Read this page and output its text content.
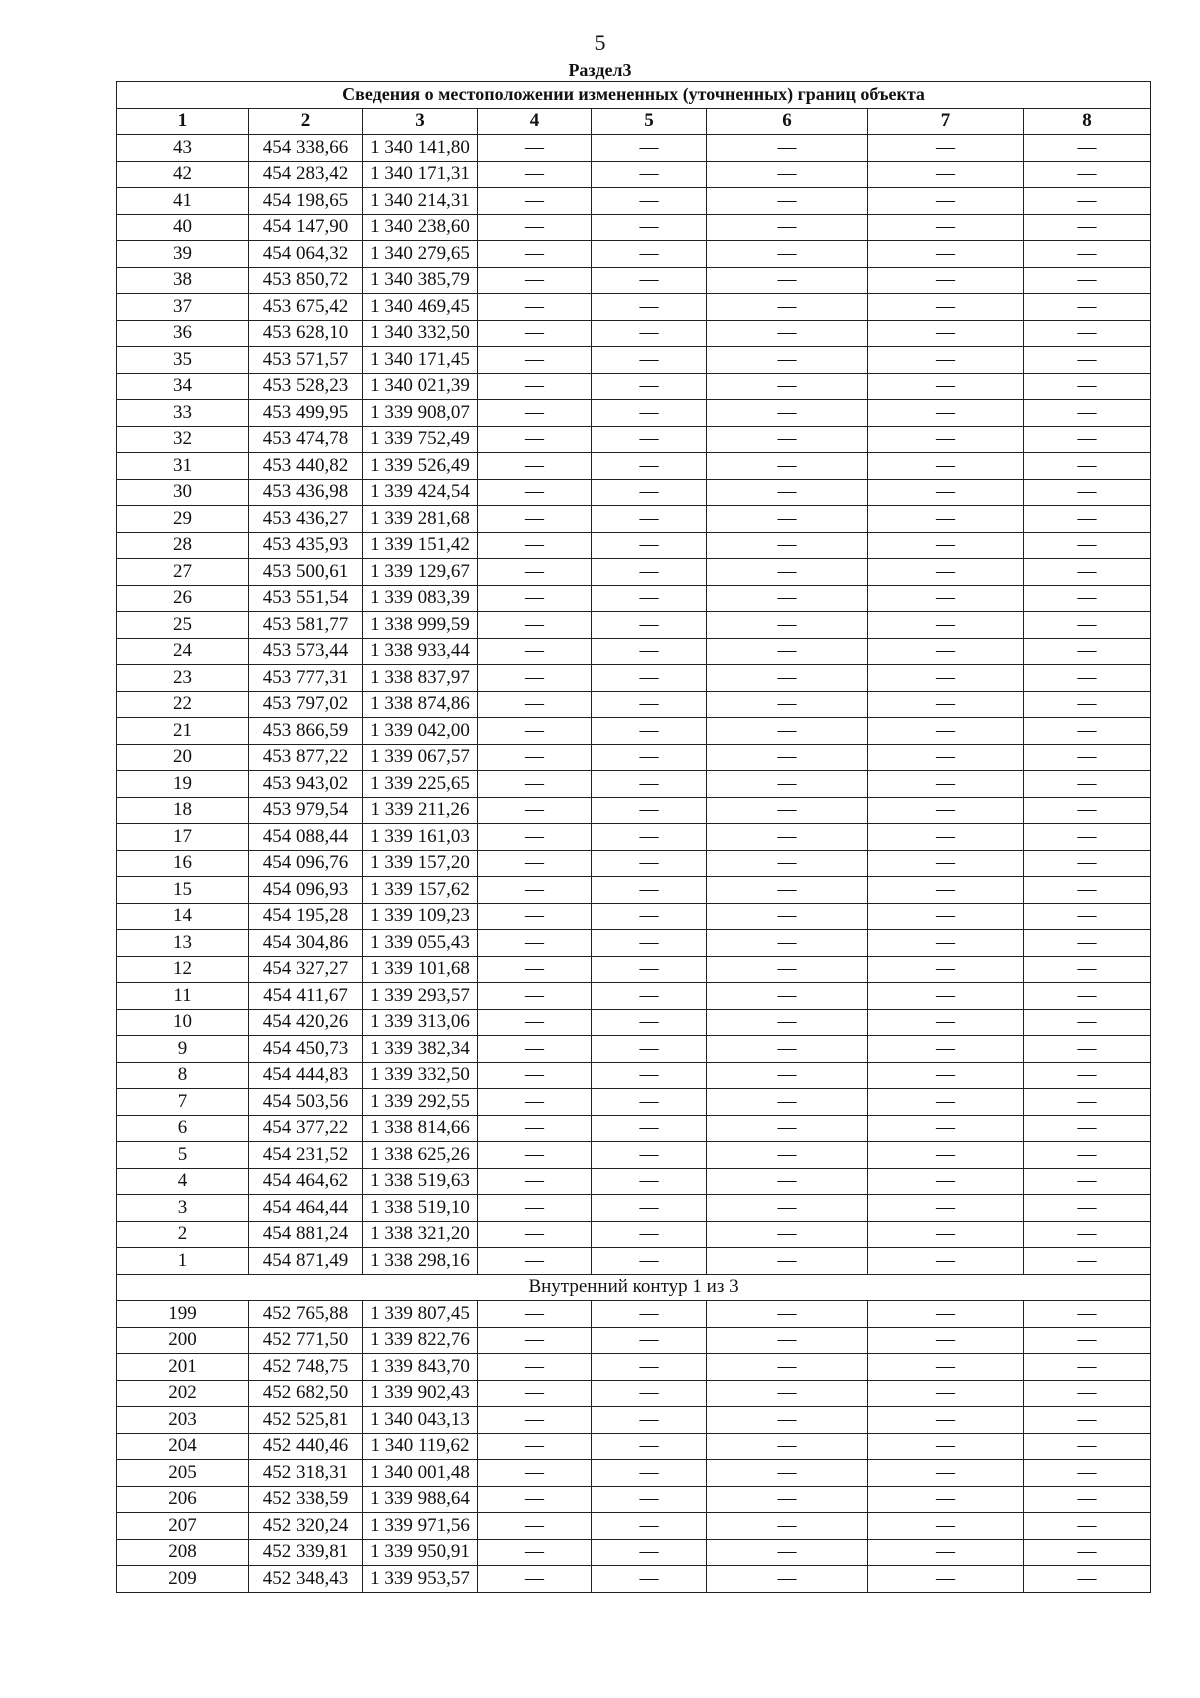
5
Раздел3
Сведения о местоположении измененных (уточненных) границ объекта							
1	2	3	4	5	6	7	8
43	454 338,66	1 340 141,80	—	—	—	—	—
42	454 283,42	1 340 171,31	—	—	—	—	—
41	454 198,65	1 340 214,31	—	—	—	—	—
40	454 147,90	1 340 238,60	—	—	—	—	—
39	454 064,32	1 340 279,65	—	—	—	—	—
38	453 850,72	1 340 385,79	—	—	—	—	—
37	453 675,42	1 340 469,45	—	—	—	—	—
36	453 628,10	1 340 332,50	—	—	—	—	—
35	453 571,57	1 340 171,45	—	—	—	—	—
34	453 528,23	1 340 021,39	—	—	—	—	—
33	453 499,95	1 339 908,07	—	—	—	—	—
32	453 474,78	1 339 752,49	—	—	—	—	—
31	453 440,82	1 339 526,49	—	—	—	—	—
30	453 436,98	1 339 424,54	—	—	—	—	—
29	453 436,27	1 339 281,68	—	—	—	—	—
28	453 435,93	1 339 151,42	—	—	—	—	—
27	453 500,61	1 339 129,67	—	—	—	—	—
26	453 551,54	1 339 083,39	—	—	—	—	—
25	453 581,77	1 338 999,59	—	—	—	—	—
24	453 573,44	1 338 933,44	—	—	—	—	—
23	453 777,31	1 338 837,97	—	—	—	—	—
22	453 797,02	1 338 874,86	—	—	—	—	—
21	453 866,59	1 339 042,00	—	—	—	—	—
20	453 877,22	1 339 067,57	—	—	—	—	—
19	453 943,02	1 339 225,65	—	—	—	—	—
18	453 979,54	1 339 211,26	—	—	—	—	—
17	454 088,44	1 339 161,03	—	—	—	—	—
16	454 096,76	1 339 157,20	—	—	—	—	—
15	454 096,93	1 339 157,62	—	—	—	—	—
14	454 195,28	1 339 109,23	—	—	—	—	—
13	454 304,86	1 339 055,43	—	—	—	—	—
12	454 327,27	1 339 101,68	—	—	—	—	—
11	454 411,67	1 339 293,57	—	—	—	—	—
10	454 420,26	1 339 313,06	—	—	—	—	—
9	454 450,73	1 339 382,34	—	—	—	—	—
8	454 444,83	1 339 332,50	—	—	—	—	—
7	454 503,56	1 339 292,55	—	—	—	—	—
6	454 377,22	1 338 814,66	—	—	—	—	—
5	454 231,52	1 338 625,26	—	—	—	—	—
4	454 464,62	1 338 519,63	—	—	—	—	—
3	454 464,44	1 338 519,10	—	—	—	—	—
2	454 881,24	1 338 321,20	—	—	—	—	—
1	454 871,49	1 338 298,16	—	—	—	—	—
Внутренний контур 1 из 3							
199	452 765,88	1 339 807,45	—	—	—	—	—
200	452 771,50	1 339 822,76	—	—	—	—	—
201	452 748,75	1 339 843,70	—	—	—	—	—
202	452 682,50	1 339 902,43	—	—	—	—	—
203	452 525,81	1 340 043,13	—	—	—	—	—
204	452 440,46	1 340 119,62	—	—	—	—	—
205	452 318,31	1 340 001,48	—	—	—	—	—
206	452 338,59	1 339 988,64	—	—	—	—	—
207	452 320,24	1 339 971,56	—	—	—	—	—
208	452 339,81	1 339 950,91	—	—	—	—	—
209	452 348,43	1 339 953,57	—	—	—	—	—
